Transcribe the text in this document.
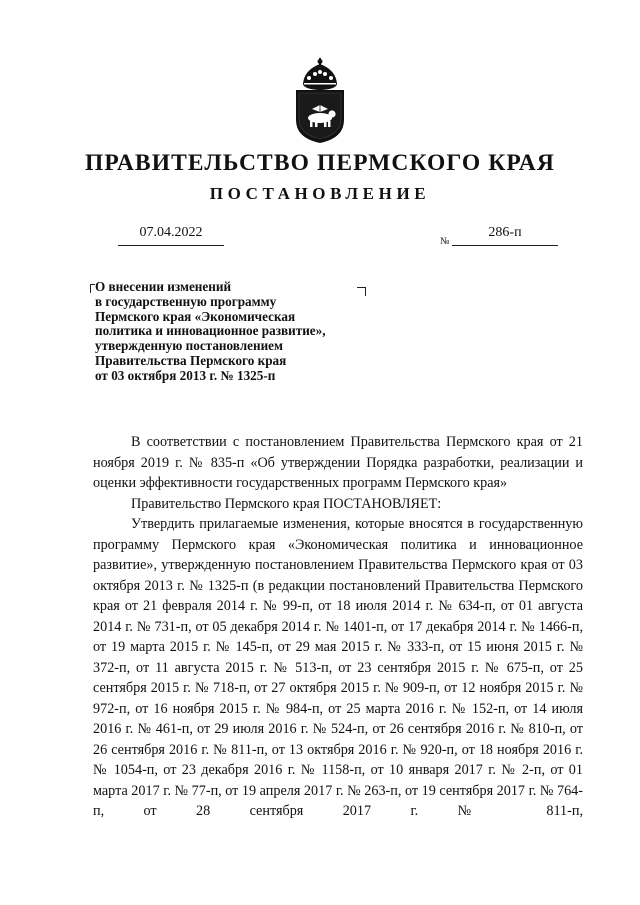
ПРАВИТЕЛЬСТВО ПЕРМСКОГО КРАЯ
ПОСТАНОВЛЕНИЕ
07.04.2022
№
286-п
О внесении изменений
в государственную программу
Пермского края «Экономическая
политика и инновационное развитие»,
утвержденную постановлением
Правительства Пермского края
от 03 октября 2013 г. № 1325-п
В соответствии с постановлением Правительства Пермского края от 21 ноября 2019 г. № 835-п «Об утверждении Порядка разработки, реализации и оценки эффективности государственных программ Пермского края»
Правительство Пермского края ПОСТАНОВЛЯЕТ:
Утвердить прилагаемые изменения, которые вносятся в государственную программу Пермского края «Экономическая политика и инновационное развитие», утвержденную постановлением Правительства Пермского края от 03 октября 2013 г. № 1325-п (в редакции постановлений Правительства Пермского края от 21 февраля 2014 г. № 99-п, от 18 июля 2014 г. № 634-п, от 01 августа 2014 г. № 731-п, от 05 декабря 2014 г. № 1401-п, от 17 декабря 2014 г. № 1466-п, от 19 марта 2015 г. № 145-п, от 29 мая 2015 г. № 333-п, от 15 июня 2015 г. № 372-п, от 11 августа 2015 г. № 513-п, от 23 сентября 2015 г. № 675-п, от 25 сентября 2015 г. № 718-п, от 27 октября 2015 г. № 909-п, от 12 ноября 2015 г. № 972-п, от 16 ноября 2015 г. № 984-п, от 25 марта 2016 г. № 152-п, от 14 июля 2016 г. № 461-п, от 29 июля 2016 г. № 524-п, от 26 сентября 2016 г. № 810-п, от 26 сентября 2016 г. № 811-п, от 13 октября 2016 г. № 920-п, от 18 ноября 2016 г. № 1054-п, от 23 декабря 2016 г. № 1158-п, от 10 января 2017 г. № 2-п, от 01 марта 2017 г. № 77-п, от 19 апреля 2017 г. № 263-п, от 19 сентября 2017 г. № 764-п, от 28 сентября 2017 г. № 811-п,
